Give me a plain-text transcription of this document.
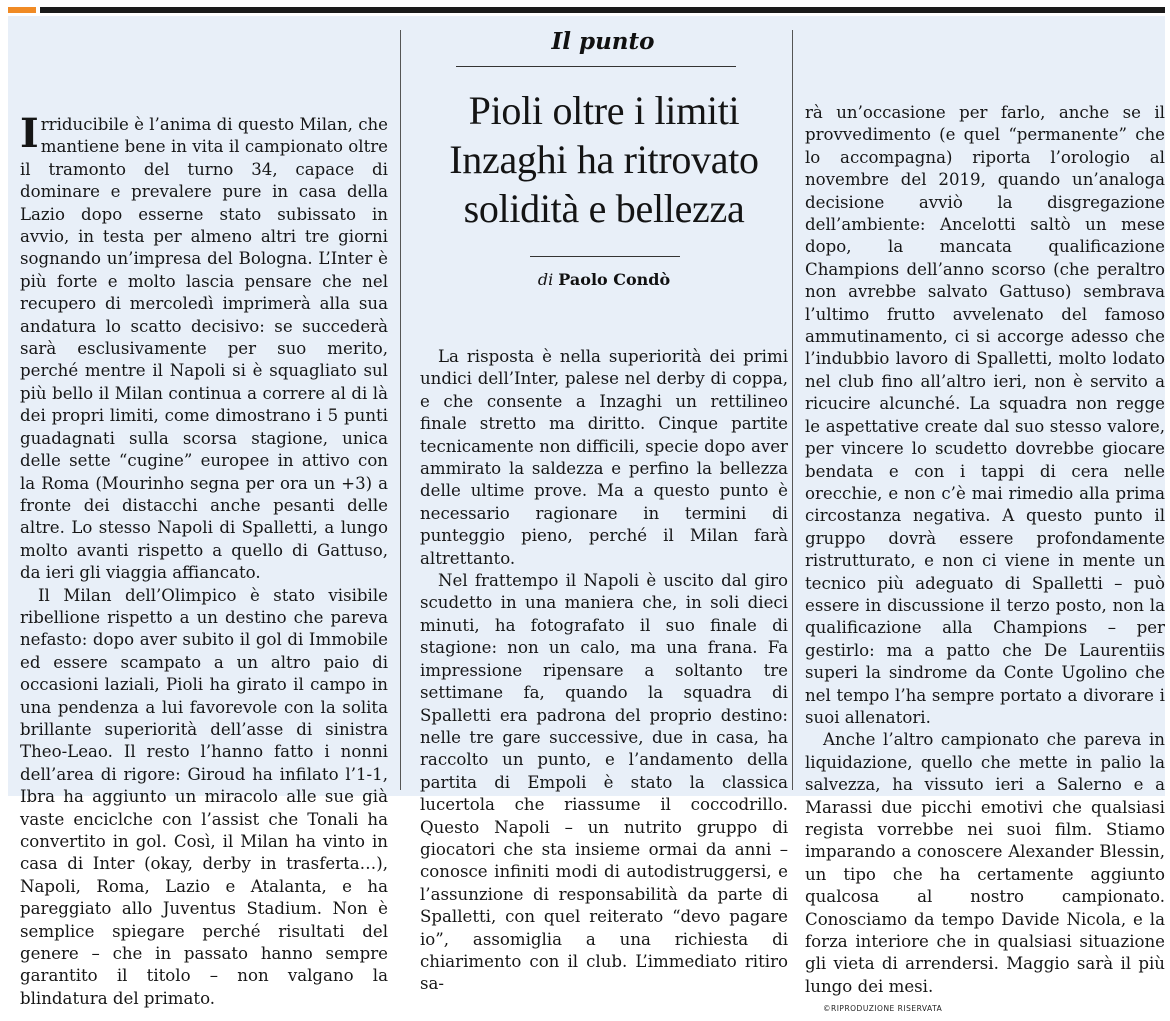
Il punto
Pioli oltre i limiti
Inzaghi ha ritrovato
solidità e bellezza
di Paolo Condò

Irriducibile è l’anima di questo Milan, che mantiene bene in vita il campionato oltre il tramonto del turno 34, capace di dominare e prevalere pure in casa della Lazio dopo esserne stato subissato in avvio, in testa per almeno altri tre giorni sognando un’impresa del Bologna. L’Inter è più forte e molto lascia pensare che nel recupero di mercoledì imprimerà alla sua andatura lo scatto decisivo: se succederà sarà esclusivamente per suo merito, perché mentre il Napoli si è squagliato sul più bello il Milan continua a correre al di là dei propri limiti, come dimostrano i 5 punti guadagnati sulla scorsa stagione, unica delle sette “cugine” europee in attivo con la Roma (Mourinho segna per ora un +3) a fronte dei distacchi anche pesanti delle altre. Lo stesso Napoli di Spalletti, a lungo molto avanti rispetto a quello di Gattuso, da ieri gli viaggia affiancato.

Il Milan dell’Olimpico è stato visibile ribellione rispetto a un destino che pareva nefasto: dopo aver subito il gol di Immobile ed essere scampato a un altro paio di occasioni laziali, Pioli ha girato il campo in una pendenza a lui favorevole con la solita brillante superiorità dell’asse di sinistra Theo-Leao. Il resto l’hanno fatto i nonni dell’area di rigore: Giroud ha infilato l’1-1, Ibra ha aggiunto un miracolo alle sue già vaste enciclche con l’assist che Tonali ha convertito in gol. Così, il Milan ha vinto in casa di Inter (okay, derby in trasferta…), Napoli, Roma, Lazio e Atalanta, e ha pareggiato allo Juventus Stadium. Non è semplice spiegare perché risultati del genere – che in passato hanno sempre garantito il titolo – non valgano la blindatura del primato.

La risposta è nella superiorità dei primi undici dell’Inter, palese nel derby di coppa, e che consente a Inzaghi un rettilineo finale stretto ma diritto. Cinque partite tecnicamente non difficili, specie dopo aver ammirato la saldezza e perfino la bellezza delle ultime prove. Ma a questo punto è necessario ragionare in termini di punteggio pieno, perché il Milan farà altrettanto.

Nel frattempo il Napoli è uscito dal giro scudetto in una maniera che, in soli dieci minuti, ha fotografato il suo finale di stagione: non un calo, ma una frana. Fa impressione ripensare a soltanto tre settimane fa, quando la squadra di Spalletti era padrona del proprio destino: nelle tre gare successive, due in casa, ha raccolto un punto, e l’andamento della partita di Empoli è stato la classica lucertola che riassume il coccodrillo. Questo Napoli – un nutrito gruppo di giocatori che sta insieme ormai da anni – conosce infiniti modi di autodistruggersi, e l’assunzione di responsabilità da parte di Spalletti, con quel reiterato “devo pagare io”, assomiglia a una richiesta di chiarimento con il club. L’immediato ritiro sa-

rà un’occasione per farlo, anche se il provvedimento (e quel “permanente” che lo accompagna) riporta l’orologio al novembre del 2019, quando un’analoga decisione avviò la disgregazione dell’ambiente: Ancelotti saltò un mese dopo, la mancata qualificazione Champions dell’anno scorso (che peraltro non avrebbe salvato Gattuso) sembrava l’ultimo frutto avvelenato del famoso ammutinamento, ci si accorge adesso che l’indubbio lavoro di Spalletti, molto lodato nel club fino all’altro ieri, non è servito a ricucire alcunché. La squadra non regge le aspettative create dal suo stesso valore, per vincere lo scudetto dovrebbe giocare bendata e con i tappi di cera nelle orecchie, e non c’è mai rimedio alla prima circostanza negativa. A questo punto il gruppo dovrà essere profondamente ristrutturato, e non ci viene in mente un tecnico più adeguato di Spalletti – può essere in discussione il terzo posto, non la qualificazione alla Champions – per gestirlo: ma a patto che De Laurentiis superi la sindrome da Conte Ugolino che nel tempo l’ha sempre portato a divorare i suoi allenatori.

Anche l’altro campionato che pareva in liquidazione, quello che mette in palio la salvezza, ha vissuto ieri a Salerno e a Marassi due picchi emotivi che qualsiasi regista vorrebbe nei suoi film. Stiamo imparando a conoscere Alexander Blessin, un tipo che ha certamente aggiunto qualcosa al nostro campionato. Conosciamo da tempo Davide Nicola, e la forza interiore che in qualsiasi situazione gli vieta di arrendersi. Maggio sarà il più lungo dei mesi.

©RIPRODUZIONE RISERVATA
